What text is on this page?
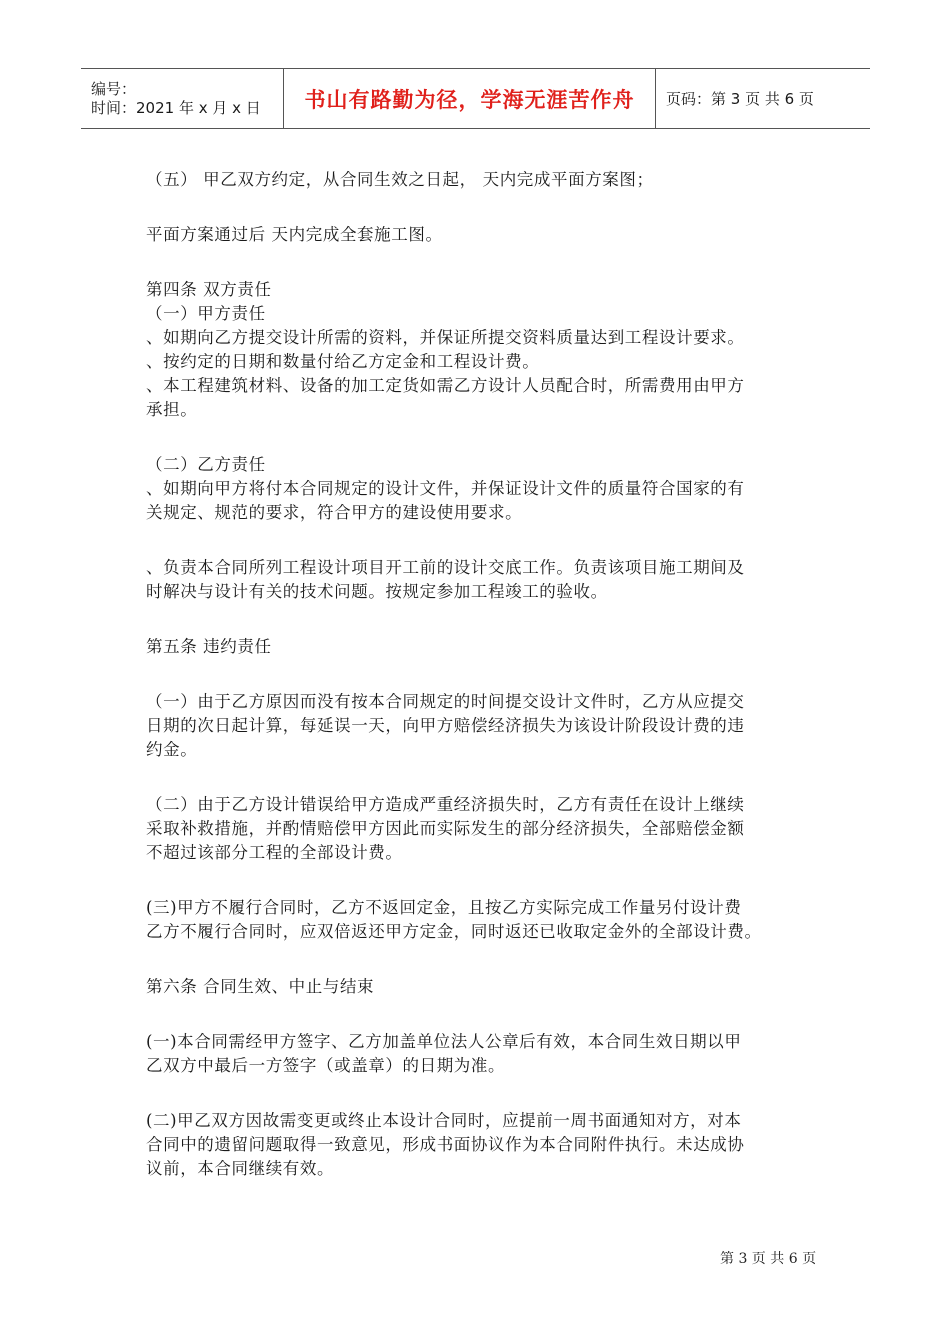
编号：
时间：2021 年 x 月 x 日	书山有路勤为径，学海无涯苦作舟 页码：第 3 页 共 6 页
（五） 甲乙双方约定，从合同生效之日起， 天内完成平面方案图；
平面方案通过后 天内完成全套施工图。
第四条 双方责任
（一）甲方责任
、如期向乙方提交设计所需的资料，并保证所提交资料质量达到工程设计要求。
、按约定的日期和数量付给乙方定金和工程设计费。
、本工程建筑材料、设备的加工定货如需乙方设计人员配合时，所需费用由甲方
承担。
（二）乙方责任
、如期向甲方将付本合同规定的设计文件，并保证设计文件的质量符合国家的有
关规定、规范的要求，符合甲方的建设使用要求。
、负责本合同所列工程设计项目开工前的设计交底工作。负责该项目施工期间及
时解决与设计有关的技术问题。按规定参加工程竣工的验收。
第五条 违约责任
（一）由于乙方原因而没有按本合同规定的时间提交设计文件时，乙方从应提交
日期的次日起计算，每延误一天，向甲方赔偿经济损失为该设计阶段设计费的违
约金。
（二）由于乙方设计错误给甲方造成严重经济损失时，乙方有责任在设计上继续
采取补救措施，并酌情赔偿甲方因此而实际发生的部分经济损失，全部赔偿金额
不超过该部分工程的全部设计费。
(三)甲方不履行合同时，乙方不返回定金，且按乙方实际完成工作量另付设计费
乙方不履行合同时，应双倍返还甲方定金，同时返还已收取定金外的全部设计费。
第六条 合同生效、中止与结束
(一)本合同需经甲方签字、乙方加盖单位法人公章后有效，本合同生效日期以甲
乙双方中最后一方签字（或盖章）的日期为准。
(二)甲乙双方因故需变更或终止本设计合同时，应提前一周书面通知对方，对本
合同中的遗留问题取得一致意见，形成书面协议作为本合同附件执行。未达成协
议前，本合同继续有效。
第 3 页 共 6 页
